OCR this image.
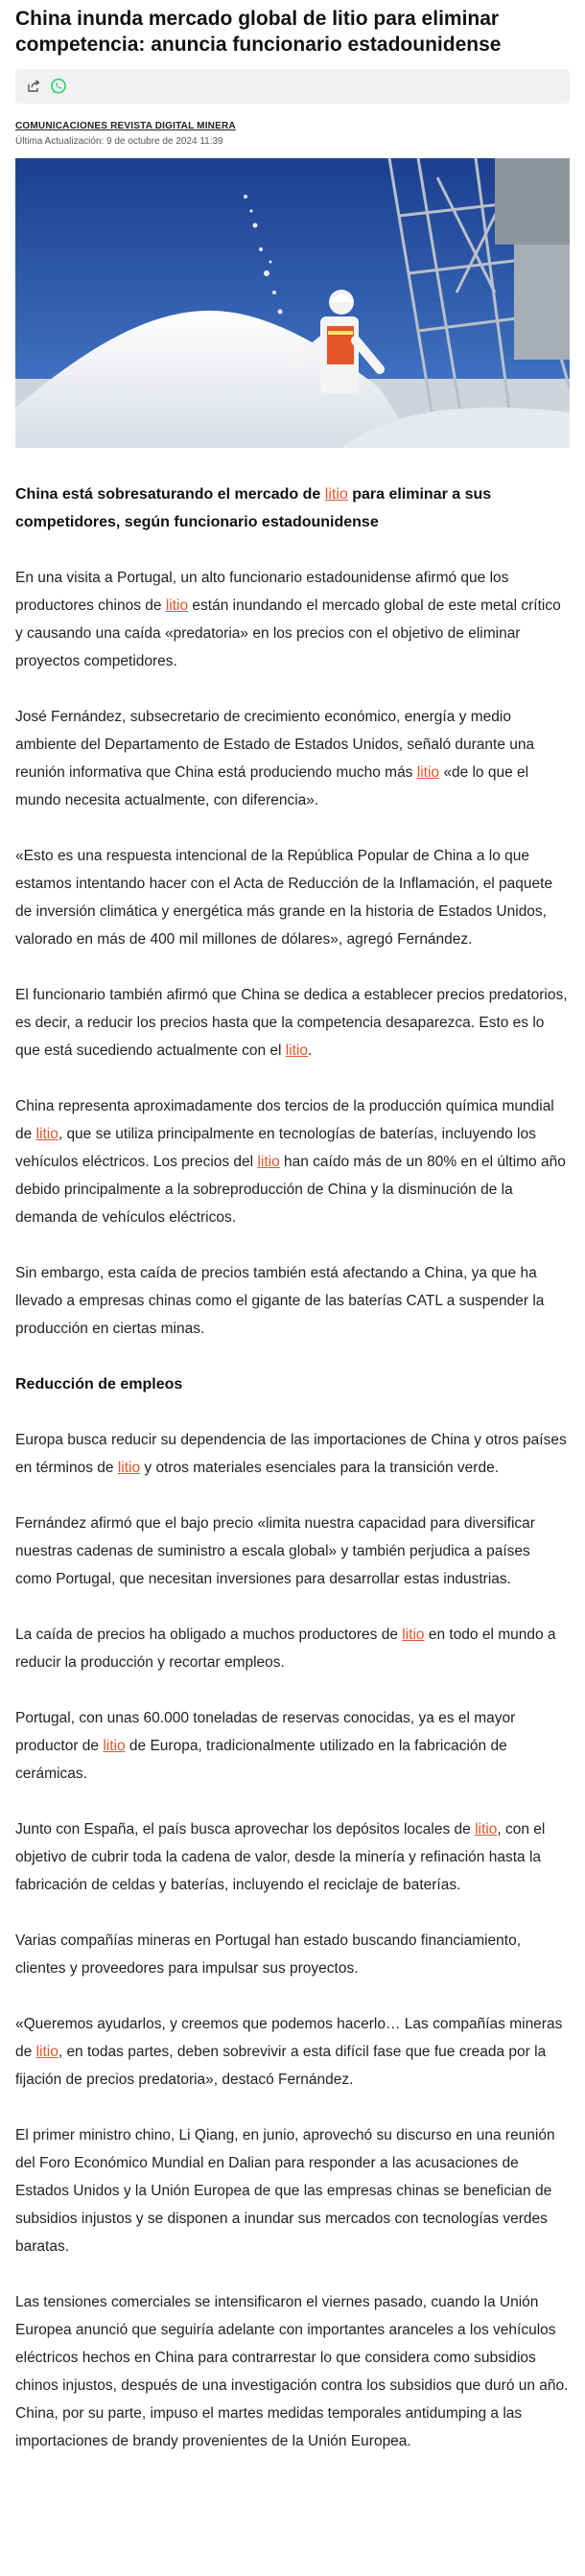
China inunda mercado global de litio para eliminar competencia: anuncia funcionario estadounidense
COMUNICACIONES REVISTA DIGITAL MINERA
Última Actualización: 9 de octubre de 2024 11:39

China está sobresaturando el mercado de litio para eliminar a sus competidores, según funcionario estadounidense

En una visita a Portugal, un alto funcionario estadounidense afirmó que los productores chinos de litio están inundando el mercado global de este metal crítico y causando una caída «predatoria» en los precios con el objetivo de eliminar proyectos competidores.

José Fernández, subsecretario de crecimiento económico, energía y medio ambiente del Departamento de Estado de Estados Unidos, señaló durante una reunión informativa que China está produciendo mucho más litio «de lo que el mundo necesita actualmente, con diferencia».

«Esto es una respuesta intencional de la República Popular de China a lo que estamos intentando hacer con el Acta de Reducción de la Inflamación, el paquete de inversión climática y energética más grande en la historia de Estados Unidos, valorado en más de 400 mil millones de dólares», agregó Fernández.

El funcionario también afirmó que China se dedica a establecer precios predatorios, es decir, a reducir los precios hasta que la competencia desaparezca. Esto es lo que está sucediendo actualmente con el litio.

China representa aproximadamente dos tercios de la producción química mundial de litio, que se utiliza principalmente en tecnologías de baterías, incluyendo los vehículos eléctricos. Los precios del litio han caído más de un 80% en el último año debido principalmente a la sobreproducción de China y la disminución de la demanda de vehículos eléctricos.

Sin embargo, esta caída de precios también está afectando a China, ya que ha llevado a empresas chinas como el gigante de las baterías CATL a suspender la producción en ciertas minas.

Reducción de empleos

Europa busca reducir su dependencia de las importaciones de China y otros países en términos de litio y otros materiales esenciales para la transición verde.

Fernández afirmó que el bajo precio «limita nuestra capacidad para diversificar nuestras cadenas de suministro a escala global» y también perjudica a países como Portugal, que necesitan inversiones para desarrollar estas industrias.

La caída de precios ha obligado a muchos productores de litio en todo el mundo a reducir la producción y recortar empleos.

Portugal, con unas 60.000 toneladas de reservas conocidas, ya es el mayor productor de litio de Europa, tradicionalmente utilizado en la fabricación de cerámicas.

Junto con España, el país busca aprovechar los depósitos locales de litio, con el objetivo de cubrir toda la cadena de valor, desde la minería y refinación hasta la fabricación de celdas y baterías, incluyendo el reciclaje de baterías.

Varias compañías mineras en Portugal han estado buscando financiamiento, clientes y proveedores para impulsar sus proyectos.

«Queremos ayudarlos, y creemos que podemos hacerlo… Las compañías mineras de litio, en todas partes, deben sobrevivir a esta difícil fase que fue creada por la fijación de precios predatoria», destacó Fernández.

El primer ministro chino, Li Qiang, en junio, aprovechó su discurso en una reunión del Foro Económico Mundial en Dalian para responder a las acusaciones de Estados Unidos y la Unión Europea de que las empresas chinas se benefician de subsidios injustos y se disponen a inundar sus mercados con tecnologías verdes baratas.

Las tensiones comerciales se intensificaron el viernes pasado, cuando la Unión Europea anunció que seguiría adelante con importantes aranceles a los vehículos eléctricos hechos en China para contrarrestar lo que considera como subsidios chinos injustos, después de una investigación contra los subsidios que duró un año. China, por su parte, impuso el martes medidas temporales antidumping a las importaciones de brandy provenientes de la Unión Europea.
